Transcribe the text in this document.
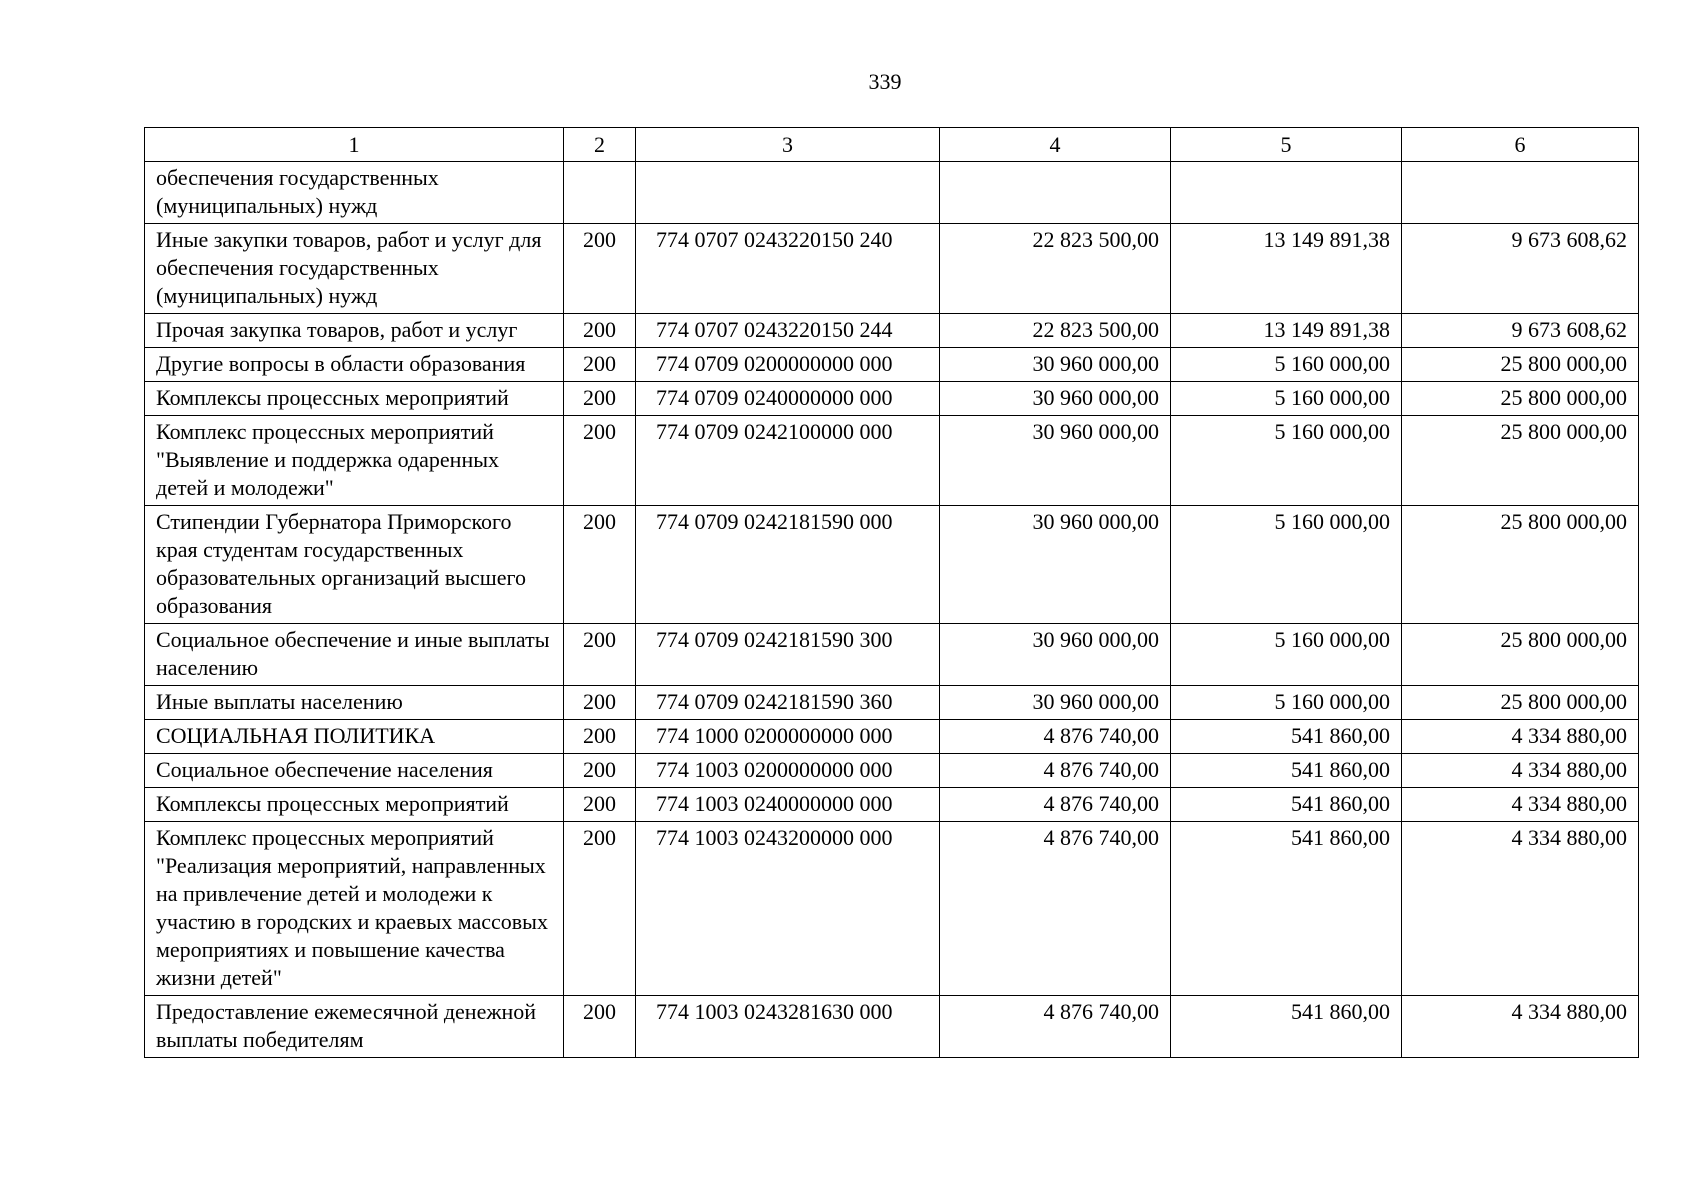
339
1	2	3	4	5	6
обеспечения государственных (муниципальных) нужд					
Иные закупки товаров, работ и услуг для обеспечения государственных (муниципальных) нужд	200	774 0707 0243220150 240	22 823 500,00	13 149 891,38	9 673 608,62
Прочая закупка товаров, работ и услуг	200	774 0707 0243220150 244	22 823 500,00	13 149 891,38	9 673 608,62
Другие вопросы в области образования	200	774 0709 0200000000 000	30 960 000,00	5 160 000,00	25 800 000,00
Комплексы процессных мероприятий	200	774 0709 0240000000 000	30 960 000,00	5 160 000,00	25 800 000,00
Комплекс процессных мероприятий "Выявление и поддержка одаренных детей и молодежи"	200	774 0709 0242100000 000	30 960 000,00	5 160 000,00	25 800 000,00
Стипендии Губернатора Приморского края студентам государственных образовательных организаций высшего образования	200	774 0709 0242181590 000	30 960 000,00	5 160 000,00	25 800 000,00
Социальное обеспечение и иные выплаты населению	200	774 0709 0242181590 300	30 960 000,00	5 160 000,00	25 800 000,00
Иные выплаты населению	200	774 0709 0242181590 360	30 960 000,00	5 160 000,00	25 800 000,00
СОЦИАЛЬНАЯ ПОЛИТИКА	200	774 1000 0200000000 000	4 876 740,00	541 860,00	4 334 880,00
Социальное обеспечение населения	200	774 1003 0200000000 000	4 876 740,00	541 860,00	4 334 880,00
Комплексы процессных мероприятий	200	774 1003 0240000000 000	4 876 740,00	541 860,00	4 334 880,00
Комплекс процессных мероприятий "Реализация мероприятий, направленных на привлечение детей и молодежи к участию в городских и краевых массовых мероприятиях и повышение качества жизни детей"	200	774 1003 0243200000 000	4 876 740,00	541 860,00	4 334 880,00
Предоставление ежемесячной денежной выплаты победителям	200	774 1003 0243281630 000	4 876 740,00	541 860,00	4 334 880,00
